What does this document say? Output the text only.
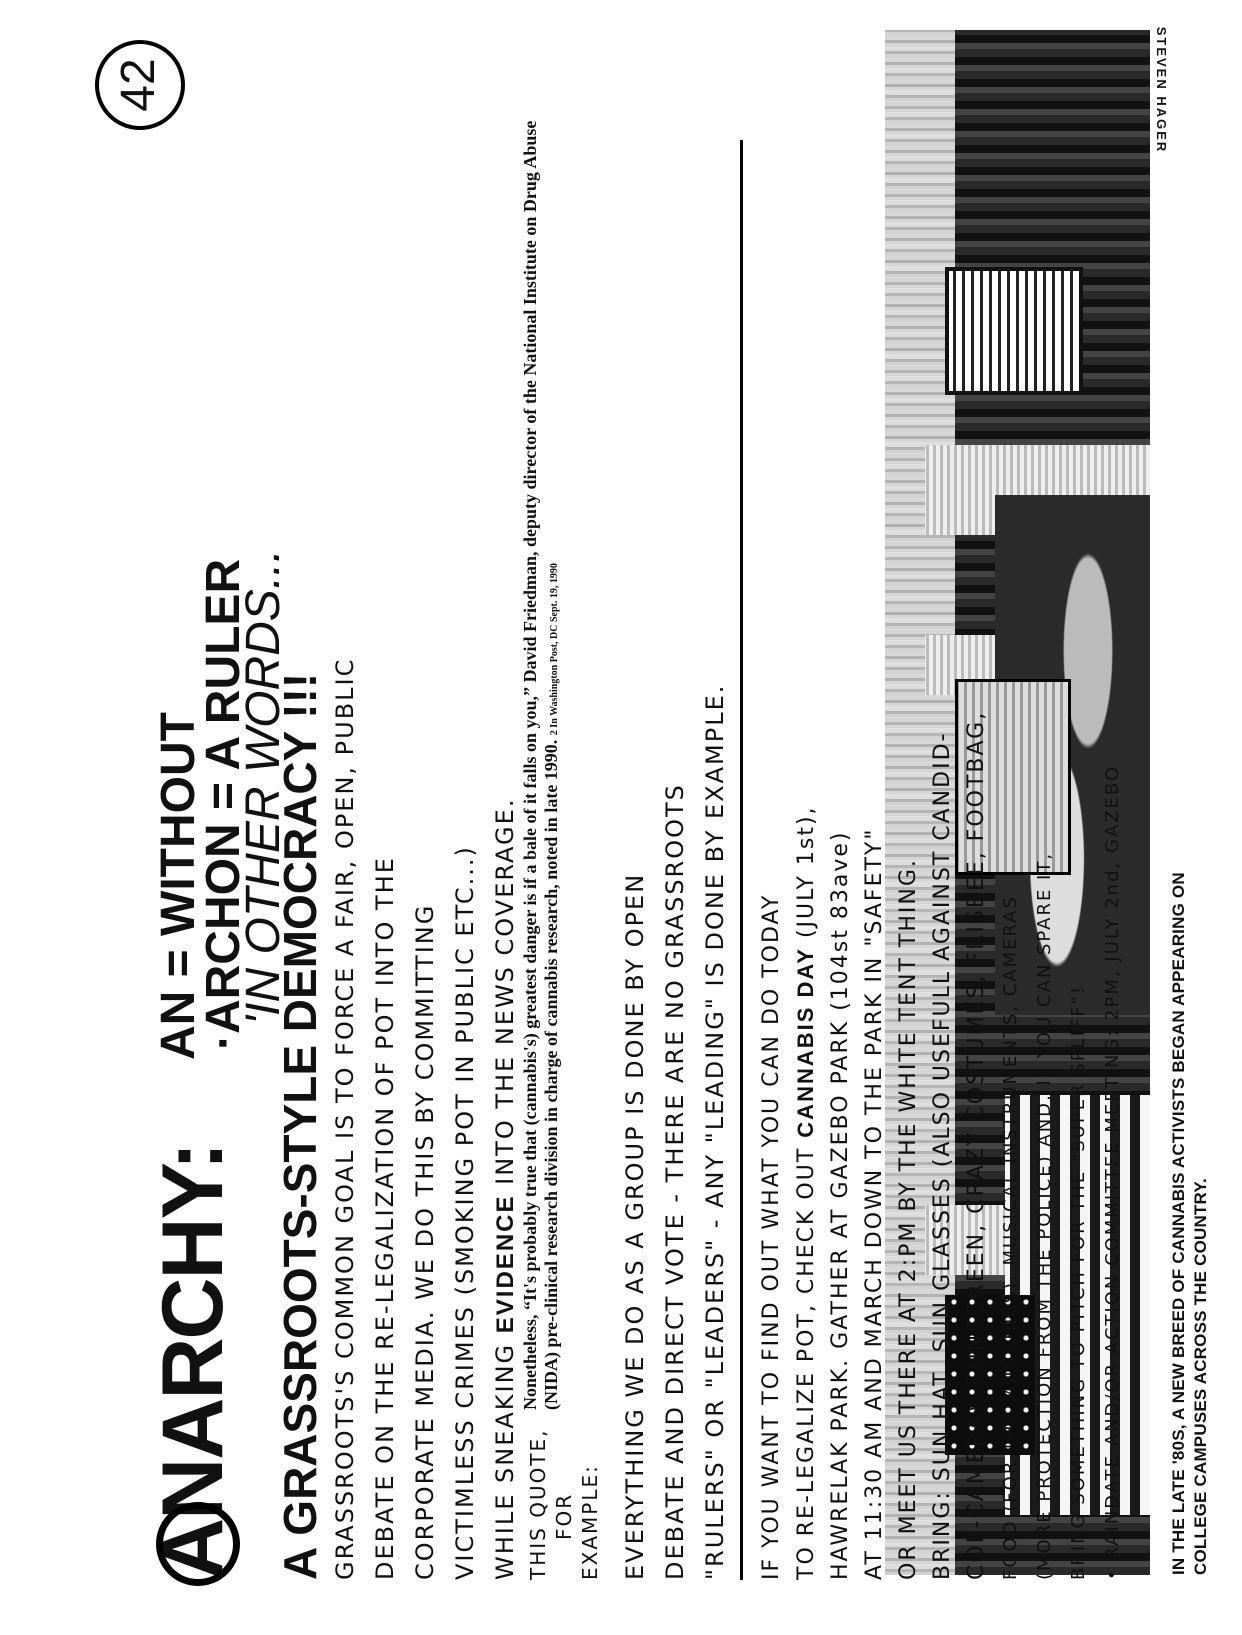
STEVEN HAGER
IN THE LATE '80S, A NEW BREED OF CANNABIS ACTIVISTS BEGAN APPEARING ON COLLEGE CAMPUSES ACROSS THE COUNTRY.
ANARCHY:
AN = WITHOUT
·ARCHON = A RULER
'IN OTHER WORDS...
A GRASSROOTS-STYLE DEMOCRACY !!!
42
GRASSROOTS'S COMMON GOAL IS TO FORCE A FAIR, OPEN, PUBLIC DEBATE ON THE RE-LEGALIZATION OF POT INTO THE CORPORATE MEDIA. WE DO THIS BY COMMITTING VICTIMLESS CRIMES (SMOKING POT IN PUBLIC ETC...) WHILE SNEAKING EVIDENCE INTO THE NEWS COVERAGE.
THIS QUOTE, FOR EXAMPLE:
Nonetheless, “It's probably true that (cannabis's) greatest danger is if a bale of it falls on you,” David Friedman, deputy director of the National Institute on Drug Abuse (NIDA) pre-clinical research division in charge of cannabis research, noted in late 1990. 2 In Washington Post, DC Sept. 19, 1990
EVERYTHING WE DO AS A GROUP IS DONE BY OPEN DEBATE AND DIRECT VOTE - THERE ARE NO GRASSROOTS "RULERS" OR "LEADERS" - ANY "LEADING" IS DONE BY EXAMPLE. IF YOU WANT TO FIND OUT WHAT YOU CAN DO TODAY TO RE-LEGALIZE POT, CHECK OUT CANNABIS DAY (JULY 1st), HAWRELAK PARK. GATHER AT GAZEBO PARK (104st 83ave) AT 11:30 AM AND MARCH DOWN TO THE PARK IN "SAFETY" OR MEET US THERE AT 2:PM BY THE WHITE TENT THING. BRING: SUN HAT, SUN GLASSES (ALSO USEFULL AGAINST CANDID- COP-CAMERA), SUNSCREEN, CRAZY COSTUMES, FRISBEE, FOOTBAG, FOOD (FOR THE MUNCHIES), MUSICAL INSTRUMENTS, CAMERAS (MORE PROTECTION FROM THE POLICE) AND, IF YOU CAN SPARE IT, BRING SOMETHING TO PITCH FOR THE "SUPER SPLIFF"! • RAINDATE AND/OR ACTION COMMITTEE MEETING: 2PM, JULY 2nd, GAZEBO
